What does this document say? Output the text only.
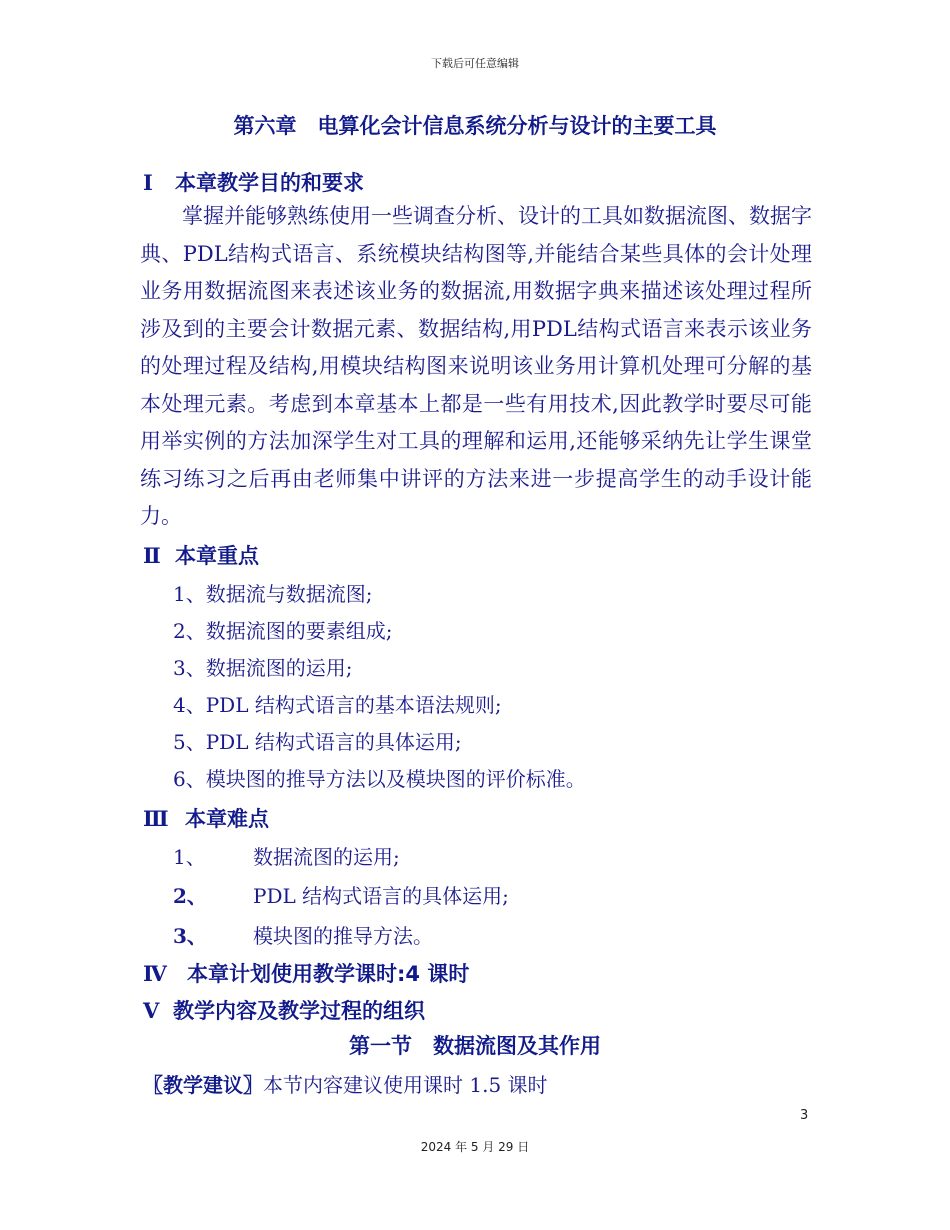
下载后可任意编辑
第六章　电算化会计信息系统分析与设计的主要工具
Ⅰ 本章教学目的和要求
　　掌握并能够熟练使用一些调查分析、设计的工具如数据流图、数据字典、PDL结构式语言、系统模块结构图等,并能结合某些具体的会计处理业务用数据流图来表述该业务的数据流,用数据字典来描述该处理过程所涉及到的主要会计数据元素、数据结构,用PDL结构式语言来表示该业务的处理过程及结构,用模块结构图来说明该业务用计算机处理可分解的基本处理元素。考虑到本章基本上都是一些有用技术,因此教学时要尽可能用举实例的方法加深学生对工具的理解和运用,还能够采纳先让学生课堂练习练习之后再由老师集中讲评的方法来进一步提高学生的动手设计能力。
Ⅱ 本章重点
1、数据流与数据流图;
2、数据流图的要素组成;
3、数据流图的运用;
4、PDL 结构式语言的基本语法规则;
5、PDL 结构式语言的具体运用;
6、模块图的推导方法以及模块图的评价标准。
Ⅲ 本章难点
1、 数据流图的运用;
2、 PDL 结构式语言的具体运用;
3、 模块图的推导方法。
Ⅳ 本章计划使用教学课时:4 课时
Ⅴ 教学内容及教学过程的组织
第一节　数据流图及其作用
〖教学建议〗本节内容建议使用课时 1.5 课时
3
2024 年 5 月 29 日
